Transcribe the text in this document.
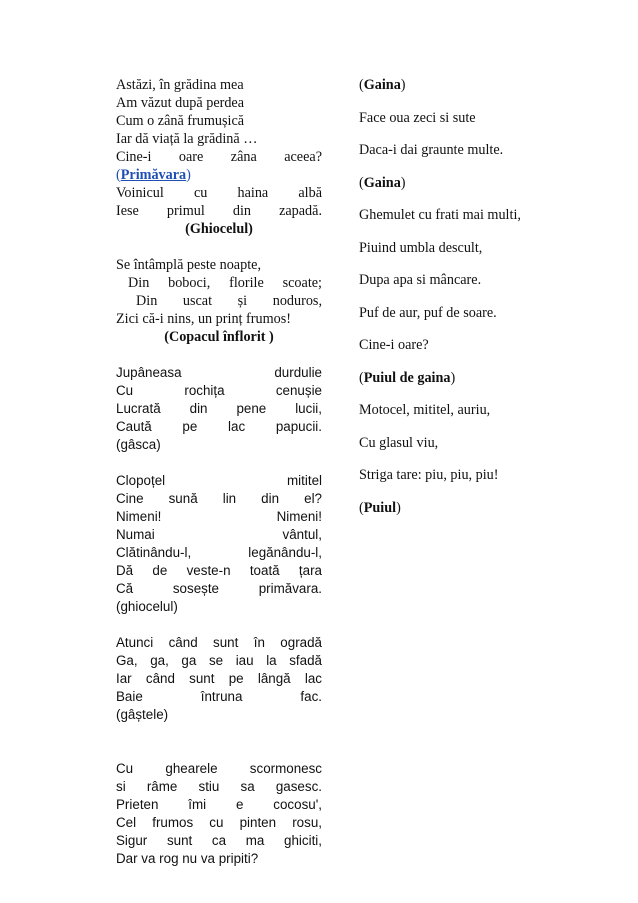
Astăzi, în grădina mea
Am văzut după perdea
Cum o zână frumușică
Iar dă viață la grădină …
Cine-i oare zâna aceea?
(Primăvara)
Voinicul cu haina albă
Iese primul din zapadă.
(Ghiocelul)
Se întâmplă peste noapte,
Din boboci, florile scoate;
Din uscat și noduros,
Zici că-i nins, un prinț frumos!
(Copacul înflorit )
Jupâneasa durdulie
Cu rochița cenușie
Lucrată din pene lucii,
Caută pe lac papucii.
(gâsca)
Clopoțel mititel
Cine sună lin din el?
Nimeni! Nimeni!
Numai vântul,
Clătinându-l, legănându-l,
Dă de veste-n toată țara
Că sosește primăvara.
(ghiocelul)
Atunci când sunt în ogradă
Ga, ga, ga se iau la sfadă
Iar când sunt pe lângă lac
Baie întruna fac.
(gâștele)
Cu ghearele scormonesc
si râme stiu sa gasesc.
Prieten îmi e cocosu',
Cel frumos cu pinten rosu,
Sigur sunt ca ma ghiciti,
Dar va rog nu va pripiti?
(Gaina)
Face oua zeci si sute
Daca-i dai graunte multe.
(Gaina)
Ghemulet cu frati mai multi,
Piuind umbla descult,
Dupa apa si mâncare.
Puf de aur, puf de soare.
Cine-i oare?
(Puiul de gaina)
Motocel, mititel, auriu,
Cu glasul viu,
Striga tare: piu, piu, piu!
(Puiul)
